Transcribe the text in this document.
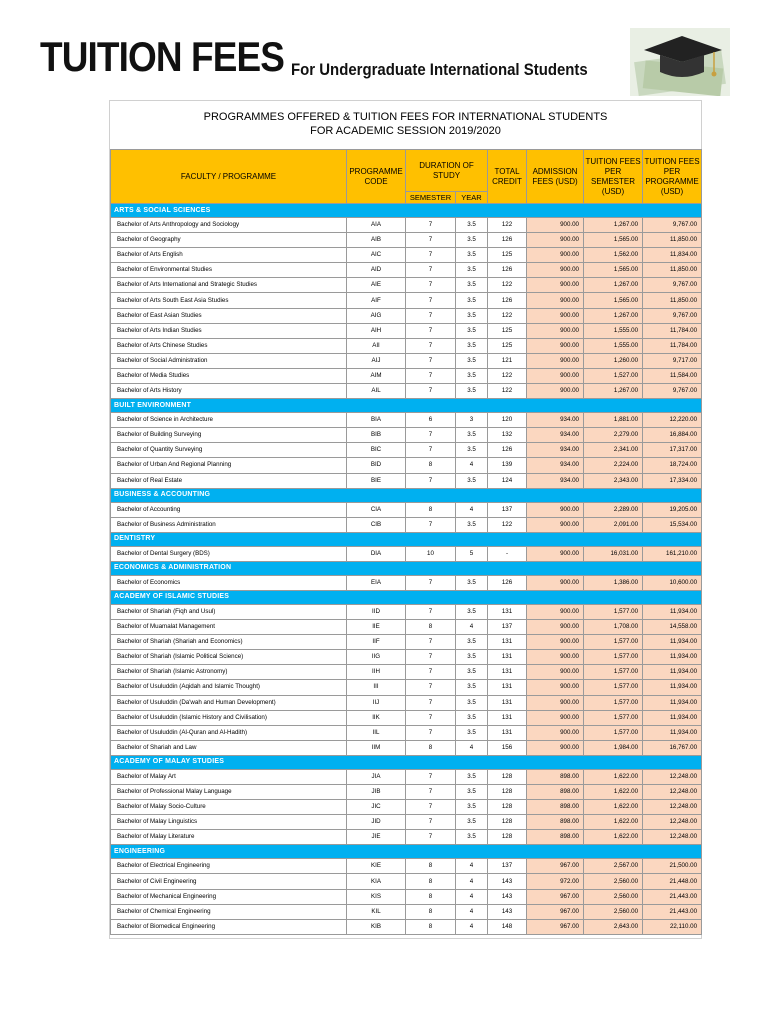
TUITION FEES For Undergraduate International Students
PROGRAMMES OFFERED & TUITION FEES FOR INTERNATIONAL STUDENTS
FOR ACADEMIC SESSION 2019/2020
FACULTY / PROGRAMME	PROGRAMME CODE	DURATION OF STUDY		TOTAL CREDIT	ADMISSION FEES (USD)	TUITION FEES PER SEMESTER (USD)	TUITION FEES PER PROGRAMME (USD)
		SEMESTER	YEAR				
ARTS & SOCIAL SCIENCES							
Bachelor of Arts Anthropology and Sociology	AIA	7	3.5	122	900.00	1,267.00	9,767.00
Bachelor of Geography	AIB	7	3.5	126	900.00	1,565.00	11,850.00
Bachelor of Arts English	AIC	7	3.5	125	900.00	1,562.00	11,834.00
Bachelor of Environmental Studies	AID	7	3.5	126	900.00	1,565.00	11,850.00
Bachelor of Arts International and Strategic Studies	AIE	7	3.5	122	900.00	1,267.00	9,767.00
Bachelor of Arts South East Asia Studies	AIF	7	3.5	126	900.00	1,565.00	11,850.00
Bachelor of East Asian Studies	AIG	7	3.5	122	900.00	1,267.00	9,767.00
Bachelor of Arts Indian Studies	AIH	7	3.5	125	900.00	1,555.00	11,784.00
Bachelor of Arts Chinese Studies	AII	7	3.5	125	900.00	1,555.00	11,784.00
Bachelor of Social Administration	AIJ	7	3.5	121	900.00	1,260.00	9,717.00
Bachelor of Media Studies	AIM	7	3.5	122	900.00	1,527.00	11,584.00
Bachelor of Arts History	AIL	7	3.5	122	900.00	1,267.00	9,767.00
BUILT ENVIRONMENT							
Bachelor of Science in Architecture	BIA	6	3	120	934.00	1,881.00	12,220.00
Bachelor of Building Surveying	BIB	7	3.5	132	934.00	2,279.00	16,884.00
Bachelor of Quantity Surveying	BIC	7	3.5	126	934.00	2,341.00	17,317.00
Bachelor of Urban And Regional Planning	BID	8	4	139	934.00	2,224.00	18,724.00
Bachelor of Real Estate	BIE	7	3.5	124	934.00	2,343.00	17,334.00
BUSINESS & ACCOUNTING							
Bachelor of Accounting	CIA	8	4	137	900.00	2,289.00	19,205.00
Bachelor of Business Administration	CIB	7	3.5	122	900.00	2,091.00	15,534.00
DENTISTRY							
Bachelor of Dental Surgery (BDS)	DIA	10	5	-	900.00	16,031.00	161,210.00
ECONOMICS & ADMINISTRATION							
Bachelor of Economics	EIA	7	3.5	126	900.00	1,386.00	10,600.00
ACADEMY OF ISLAMIC STUDIES							
Bachelor of Shariah (Fiqh and Usul)	IID	7	3.5	131	900.00	1,577.00	11,934.00
Bachelor of Muamalat Management	IIE	8	4	137	900.00	1,708.00	14,558.00
Bachelor of Shariah (Shariah and Economics)	IIF	7	3.5	131	900.00	1,577.00	11,934.00
Bachelor of Shariah (Islamic Political Science)	IIG	7	3.5	131	900.00	1,577.00	11,934.00
Bachelor of Shariah (Islamic Astronomy)	IIH	7	3.5	131	900.00	1,577.00	11,934.00
Bachelor of Usuluddin (Aqidah and Islamic Thought)	III	7	3.5	131	900.00	1,577.00	11,934.00
Bachelor of Usuluddin (Da'wah and Human Development)	IIJ	7	3.5	131	900.00	1,577.00	11,934.00
Bachelor of Usuluddin (Islamic History and Civilisation)	IIK	7	3.5	131	900.00	1,577.00	11,934.00
Bachelor of Usuluddin (Al-Quran and Al-Hadith)	IIL	7	3.5	131	900.00	1,577.00	11,934.00
Bachelor of Shariah and Law	IIM	8	4	156	900.00	1,984.00	16,767.00
ACADEMY OF MALAY STUDIES							
Bachelor of Malay Art	JIA	7	3.5	128	898.00	1,622.00	12,248.00
Bachelor of Professional Malay Language	JIB	7	3.5	128	898.00	1,622.00	12,248.00
Bachelor of Malay Socio-Culture	JIC	7	3.5	128	898.00	1,622.00	12,248.00
Bachelor of Malay Linguistics	JID	7	3.5	128	898.00	1,622.00	12,248.00
Bachelor of Malay Literature	JIE	7	3.5	128	898.00	1,622.00	12,248.00
ENGINEERING							
Bachelor of Electrical Engineering	KIE	8	4	137	967.00	2,567.00	21,500.00
Bachelor of Civil Engineering	KIA	8	4	143	972.00	2,560.00	21,448.00
Bachelor of Mechanical Engineering	KIS	8	4	143	967.00	2,560.00	21,443.00
Bachelor of Chemical Engineering	KIL	8	4	143	967.00	2,560.00	21,443.00
Bachelor of Biomedical Engineering	KIB	8	4	148	967.00	2,643.00	22,110.00
